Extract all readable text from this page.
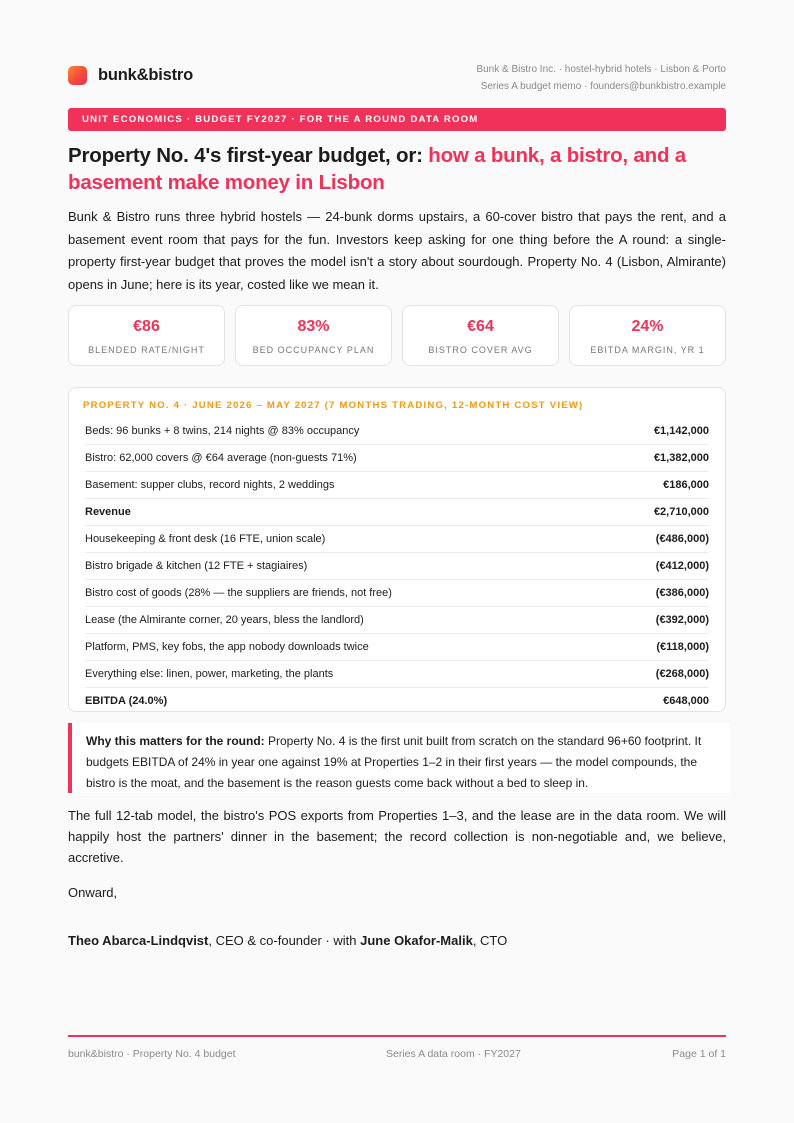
bunk&bistro	Bunk & Bistro Inc. · hostel-hybrid hotels · Lisbon & Porto
Series A budget memo · founders@bunkbistro.example
UNIT ECONOMICS · BUDGET FY2027 · FOR THE A ROUND DATA ROOM
Property No. 4's first-year budget, or: how a bunk, a bistro, and a basement make money in Lisbon

Bunk & Bistro runs three hybrid hostels — 24-bunk dorms upstairs, a 60-cover bistro that pays the rent, and a basement event room that pays for the fun. Investors keep asking for one thing before the A round: a single-property first-year budget that proves the model isn't a story about sourdough. Property No. 4 (Lisbon, Almirante) opens in June; here is its year, costed like we mean it.

€86
BLENDED RATE/NIGHT
83%
BED OCCUPANCY PLAN
€64
BISTRO COVER AVG
24%
EBITDA MARGIN, YR 1
PROPERTY NO. 4 · JUNE 2026 – MAY 2027 (7 MONTHS TRADING, 12-MONTH COST VIEW)
Beds: 96 bunks + 8 twins, 214 nights @ 83% occupancy	€1,142,000
Bistro: 62,000 covers @ €64 average (non-guests 71%)	€1,382,000
Basement: supper clubs, record nights, 2 weddings	€186,000
Revenue	€2,710,000
Housekeeping & front desk (16 FTE, union scale)	(€486,000)
Bistro brigade & kitchen (12 FTE + stagiaires)	(€412,000)
Bistro cost of goods (28% — the suppliers are friends, not free)	(€386,000)
Lease (the Almirante corner, 20 years, bless the landlord)	(€392,000)
Platform, PMS, key fobs, the app nobody downloads twice	(€118,000)
Everything else: linen, power, marketing, the plants	(€268,000)
EBITDA (24.0%)	€648,000

Why this matters for the round: Property No. 4 is the first unit built from scratch on the standard 96+60 footprint. It budgets EBITDA of 24% in year one against 19% at Properties 1–2 in their first years — the model compounds, the bistro is the moat, and the basement is the reason guests come back without a bed to sleep in.

The full 12-tab model, the bistro's POS exports from Properties 1–3, and the lease are in the data room. We will happily host the partners' dinner in the basement; the record collection is non-negotiable and, we believe, accretive.

Onward,

Theo Abarca-Lindqvist, CEO & co-founder · with June Okafor-Malik, CTO

bunk&bistro · Property No. 4 budget	Series A data room · FY2027	Page 1 of 1
